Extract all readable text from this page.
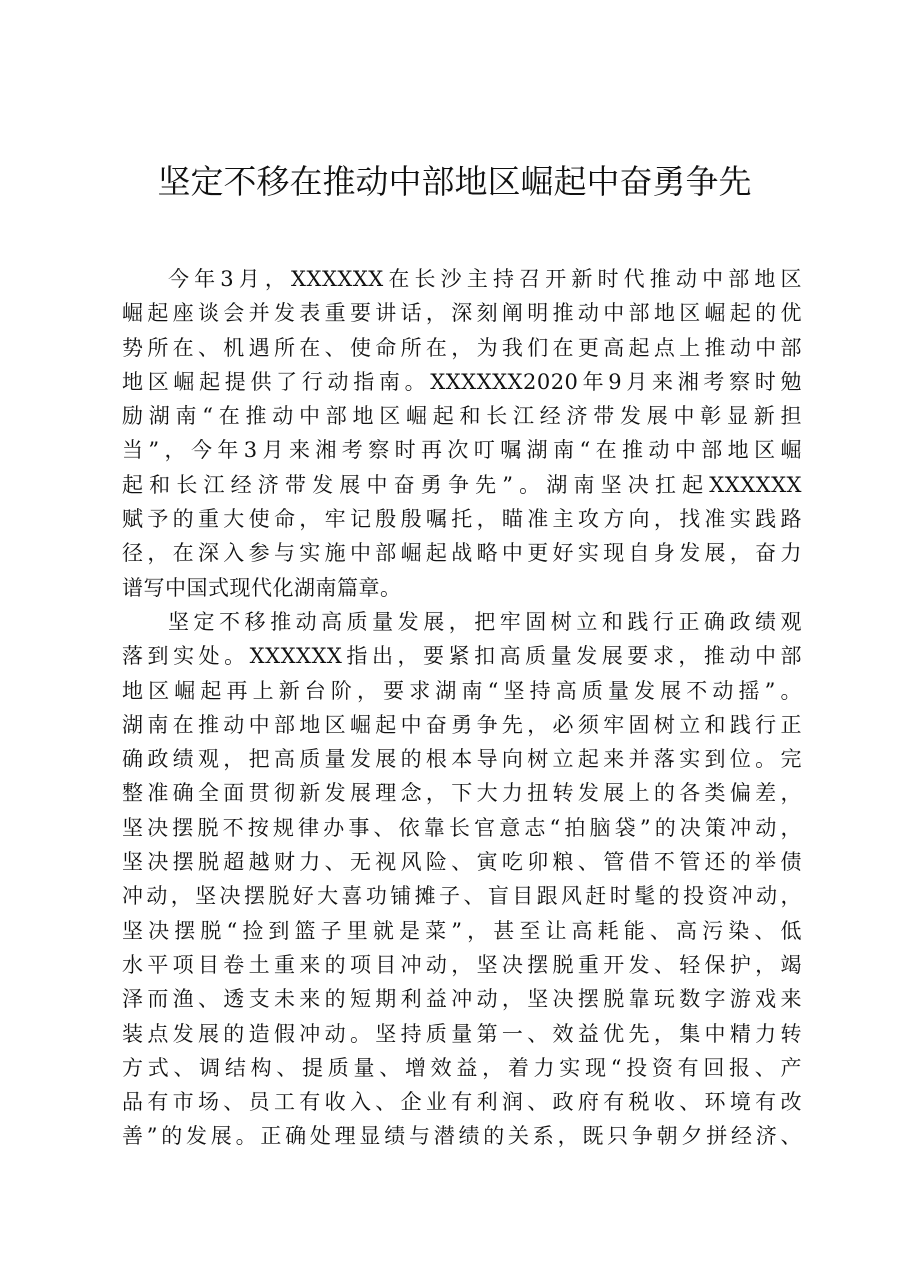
坚定不移在推动中部地区崛起中奋勇争先
今年3月，XXXXXX在长沙主持召开新时代推动中部地区
崛起座谈会并发表重要讲话，深刻阐明推动中部地区崛起的优
势所在、机遇所在、使命所在，为我们在更高起点上推动中部
地区崛起提供了行动指南。XXXXXX2020年9月来湘考察时勉
励湖南“在推动中部地区崛起和长江经济带发展中彰显新担
当”，今年3月来湘考察时再次叮嘱湖南“在推动中部地区崛
起和长江经济带发展中奋勇争先”。湖南坚决扛起XXXXXX
赋予的重大使命，牢记殷殷嘱托，瞄准主攻方向，找准实践路
径，在深入参与实施中部崛起战略中更好实现自身发展，奋力
谱写中国式现代化湖南篇章。
坚定不移推动高质量发展，把牢固树立和践行正确政绩观
落到实处。XXXXXX指出，要紧扣高质量发展要求，推动中部
地区崛起再上新台阶，要求湖南“坚持高质量发展不动摇”。
湖南在推动中部地区崛起中奋勇争先，必须牢固树立和践行正
确政绩观，把高质量发展的根本导向树立起来并落实到位。完
整准确全面贯彻新发展理念，下大力扭转发展上的各类偏差，
坚决摆脱不按规律办事、依靠长官意志“拍脑袋”的决策冲动，
坚决摆脱超越财力、无视风险、寅吃卯粮、管借不管还的举债
冲动，坚决摆脱好大喜功铺摊子、盲目跟风赶时髦的投资冲动，
坚决摆脱“捡到篮子里就是菜”，甚至让高耗能、高污染、低
水平项目卷土重来的项目冲动，坚决摆脱重开发、轻保护，竭
泽而渔、透支未来的短期利益冲动，坚决摆脱靠玩数字游戏来
装点发展的造假冲动。坚持质量第一、效益优先，集中精力转
方式、调结构、提质量、增效益，着力实现“投资有回报、产
品有市场、员工有收入、企业有利润、政府有税收、环境有改
善”的发展。正确处理显绩与潜绩的关系，既只争朝夕拼经济、
